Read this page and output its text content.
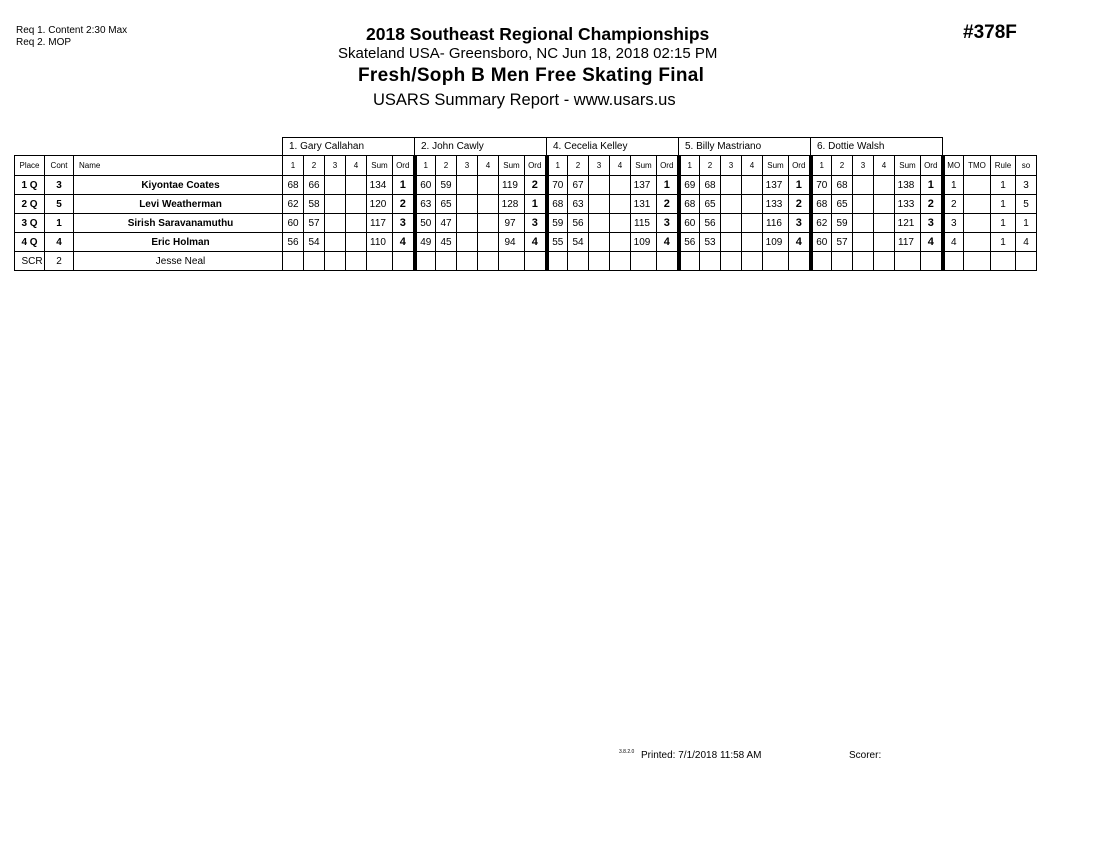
Req 1. Content 2:30 Max
Req 2. MOP	#378F
2018 Southeast Regional Championships
Skateland USA- Greensboro, NC Jun 18, 2018 02:15 PM
Fresh/Soph B Men Free Skating Final
USARS Summary Report - www.usars.us
			1. Gary Callahan						2. John Cawly						4. Cecelia Kelley						5. Billy Mastriano						6. Dottie Walsh									
Place	Cont	Name	1	2	3	4	Sum	Ord	1	2	3	4	Sum	Ord	1	2	3	4	Sum	Ord	1	2	3	4	Sum	Ord	1	2	3	4	Sum	Ord	MO	TMO	Rule	so
1 Q	3	Kiyontae Coates	68	66			134	1	60	59			119	2	70	67			137	1	69	68			137	1	70	68			138	1	1		1	3
2 Q	5	Levi Weatherman	62	58			120	2	63	65			128	1	68	63			131	2	68	65			133	2	68	65			133	2	2		1	5
3 Q	1	Sirish Saravanamuthu	60	57			117	3	50	47			97	3	59	56			115	3	60	56			116	3	62	59			121	3	3		1	1
4 Q	4	Eric Holman	56	54			110	4	49	45			94	4	55	54			109	4	56	53			109	4	60	57			117	4	4		1	4
SCR	2	Jesse Neal																																		
3.8.2.0 Printed: 7/1/2018 11:58 AM	Scorer:
